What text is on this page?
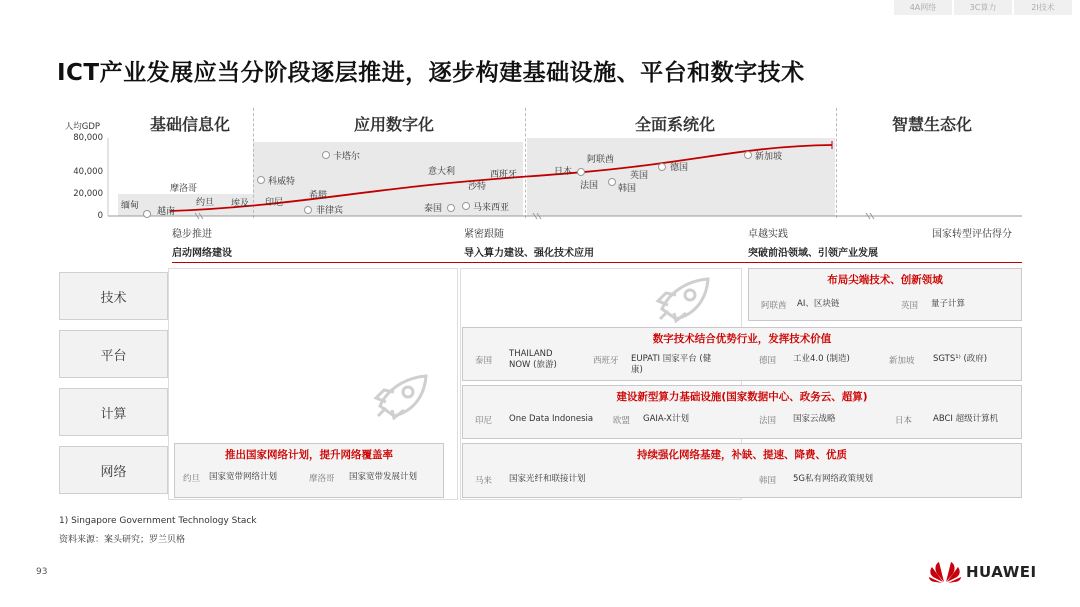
4A网络	3C算力	2I技术
ICT产业发展应当分阶段逐层推进，逐步构建基础设施、平台和数字技术
基础信息化	应用数字化	全面系统化	智慧生态化
人均GDP
80,000
40,000
20,000
0
缅甸
越南
摩洛哥
约旦 埃及 印尼
科威特
卡塔尔
希腊
菲律宾
意大利	西班牙
沙特
泰国	马来西亚
日本
阿联酋
法国
英国
韩国
德国
新加坡
稳步推进
启动网络建设
紧密跟随
导入算力建设、强化技术应用
卓越实践
突破前沿领域、引领产业发展
国家转型评估得分
技术
平台
计算
网络
布局尖端技术、创新领域
阿联酋 AI、区块链	英国 量子计算
数字技术结合优势行业，发挥技术价值
泰国
THAILAND NOW (旅游)	西班牙 EUPATI 国家平台 (健康)
德国 工业4.0 (制造)	新加坡 SGTS¹⁾ (政府)
建设新型算力基础设施(国家数据中心、政务云、超算)
印尼 One Data Indonesia 欧盟 GAIA-X计划	法国 国家云战略	日本 ABCI 超级计算机
推出国家网络计划，提升网络覆盖率
约旦 国家宽带网络计划	摩洛哥 国家宽带发展计划
持续强化网络基建，补缺、提速、降费、优质
马来 国家光纤和联接计划	韩国 5G私有网络政策规划
1) Singapore Government Technology Stack
资料来源：案头研究；罗兰贝格
93	HUAWEI
